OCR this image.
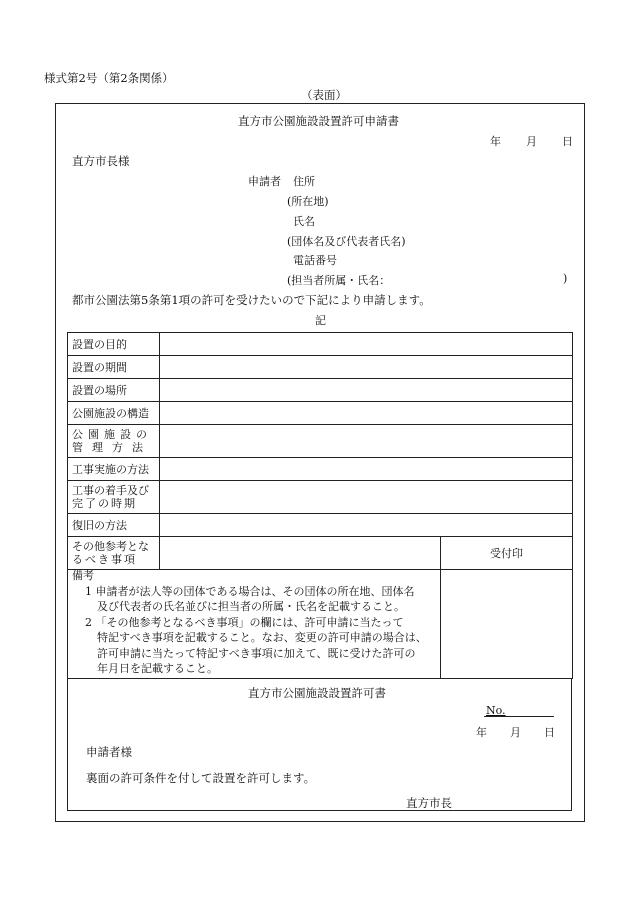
様式第2号（第2条関係）
（表面）
直方市公園施設設置許可申請書
年 月 日
直方市長様
申請者 住所
(所在地)
氏名
(団体名及び代表者氏名)
電話番号
(担当者所属・氏名：	)
都市公園法第5条第1項の許可を受けたいので下記により申請します。
記
設置の目的		
設置の期間		
設置の場所		
公園施設の構造		

公園施設の
管理方法		

工事実施の方法		

工事の着手及び
完了の時期		

復旧の方法		

その他参考とな
るべき事項		受付印

備考
1 申請者が法人等の団体である場合は、その団体の所在地、団体名
及び代表者の氏名並びに担当者の所属・氏名を記載すること。
2 「その他参考となるべき事項」の欄には、許可申請に当たって
特記すべき事項を記載すること。なお、変更の許可申請の場合は、
許可申請に当たって特記すべき事項に加えて、既に受けた許可の
年月日を記載すること。
直方市公園施設設置許可書
No.
年 月 日
申請者様
裏面の許可条件を付して設置を許可します。
直方市長
